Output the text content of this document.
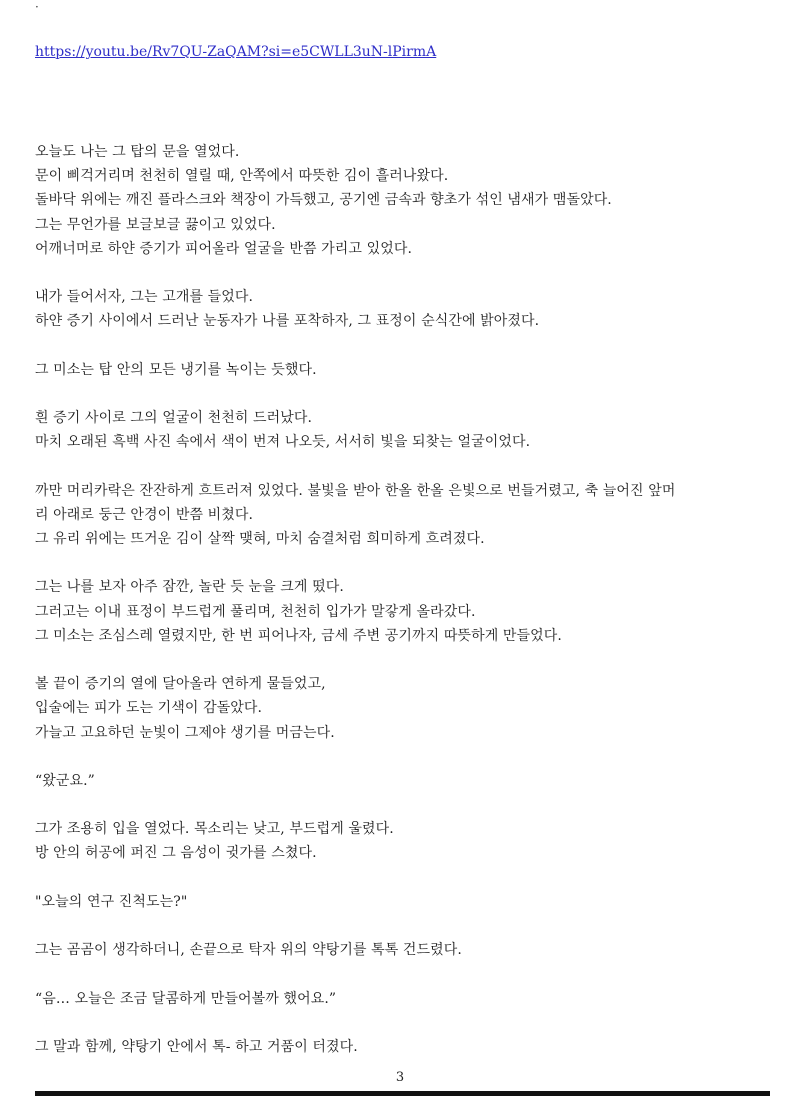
·
https://youtu.be/Rv7QU-ZaQAM?si=e5CWLL3uN-lPirmA
오늘도 나는 그 탑의 문을 열었다.
문이 삐걱거리며 천천히 열릴 때, 안쪽에서 따뜻한 김이 흘러나왔다.
돌바닥 위에는 깨진 플라스크와 책장이 가득했고, 공기엔 금속과 향초가 섞인 냄새가 맴돌았다.
그는 무언가를 보글보글 끓이고 있었다.
어깨너머로 하얀 증기가 피어올라 얼굴을 반쯤 가리고 있었다.
내가 들어서자, 그는 고개를 들었다.
하얀 증기 사이에서 드러난 눈동자가 나를 포착하자, 그 표정이 순식간에 밝아졌다.
그 미소는 탑 안의 모든 냉기를 녹이는 듯했다.
흰 증기 사이로 그의 얼굴이 천천히 드러났다.
마치 오래된 흑백 사진 속에서 색이 번져 나오듯, 서서히 빛을 되찾는 얼굴이었다.
까만 머리카락은 잔잔하게 흐트러져 있었다. 불빛을 받아 한올 한올 은빛으로 번들거렸고, 축 늘어진 앞머
리 아래로 둥근 안경이 반쯤 비쳤다.
그 유리 위에는 뜨거운 김이 살짝 맺혀, 마치 숨결처럼 희미하게 흐려졌다.
그는 나를 보자 아주 잠깐, 놀란 듯 눈을 크게 떴다.
그러고는 이내 표정이 부드럽게 풀리며, 천천히 입가가 말갛게 올라갔다.
그 미소는 조심스레 열렸지만, 한 번 피어나자, 금세 주변 공기까지 따뜻하게 만들었다.
볼 끝이 증기의 열에 달아올라 연하게 물들었고,
입술에는 피가 도는 기색이 감돌았다.
가늘고 고요하던 눈빛이 그제야 생기를 머금는다.
“왔군요.”
그가 조용히 입을 열었다. 목소리는 낮고, 부드럽게 울렸다.
방 안의 허공에 퍼진 그 음성이 귓가를 스쳤다.
"오늘의 연구 진척도는?"
그는 곰곰이 생각하더니, 손끝으로 탁자 위의 약탕기를 톡톡 건드렸다.
“음… 오늘은 조금 달콤하게 만들어볼까 했어요.”
그 말과 함께, 약탕기 안에서 톡- 하고 거품이 터졌다.
3
